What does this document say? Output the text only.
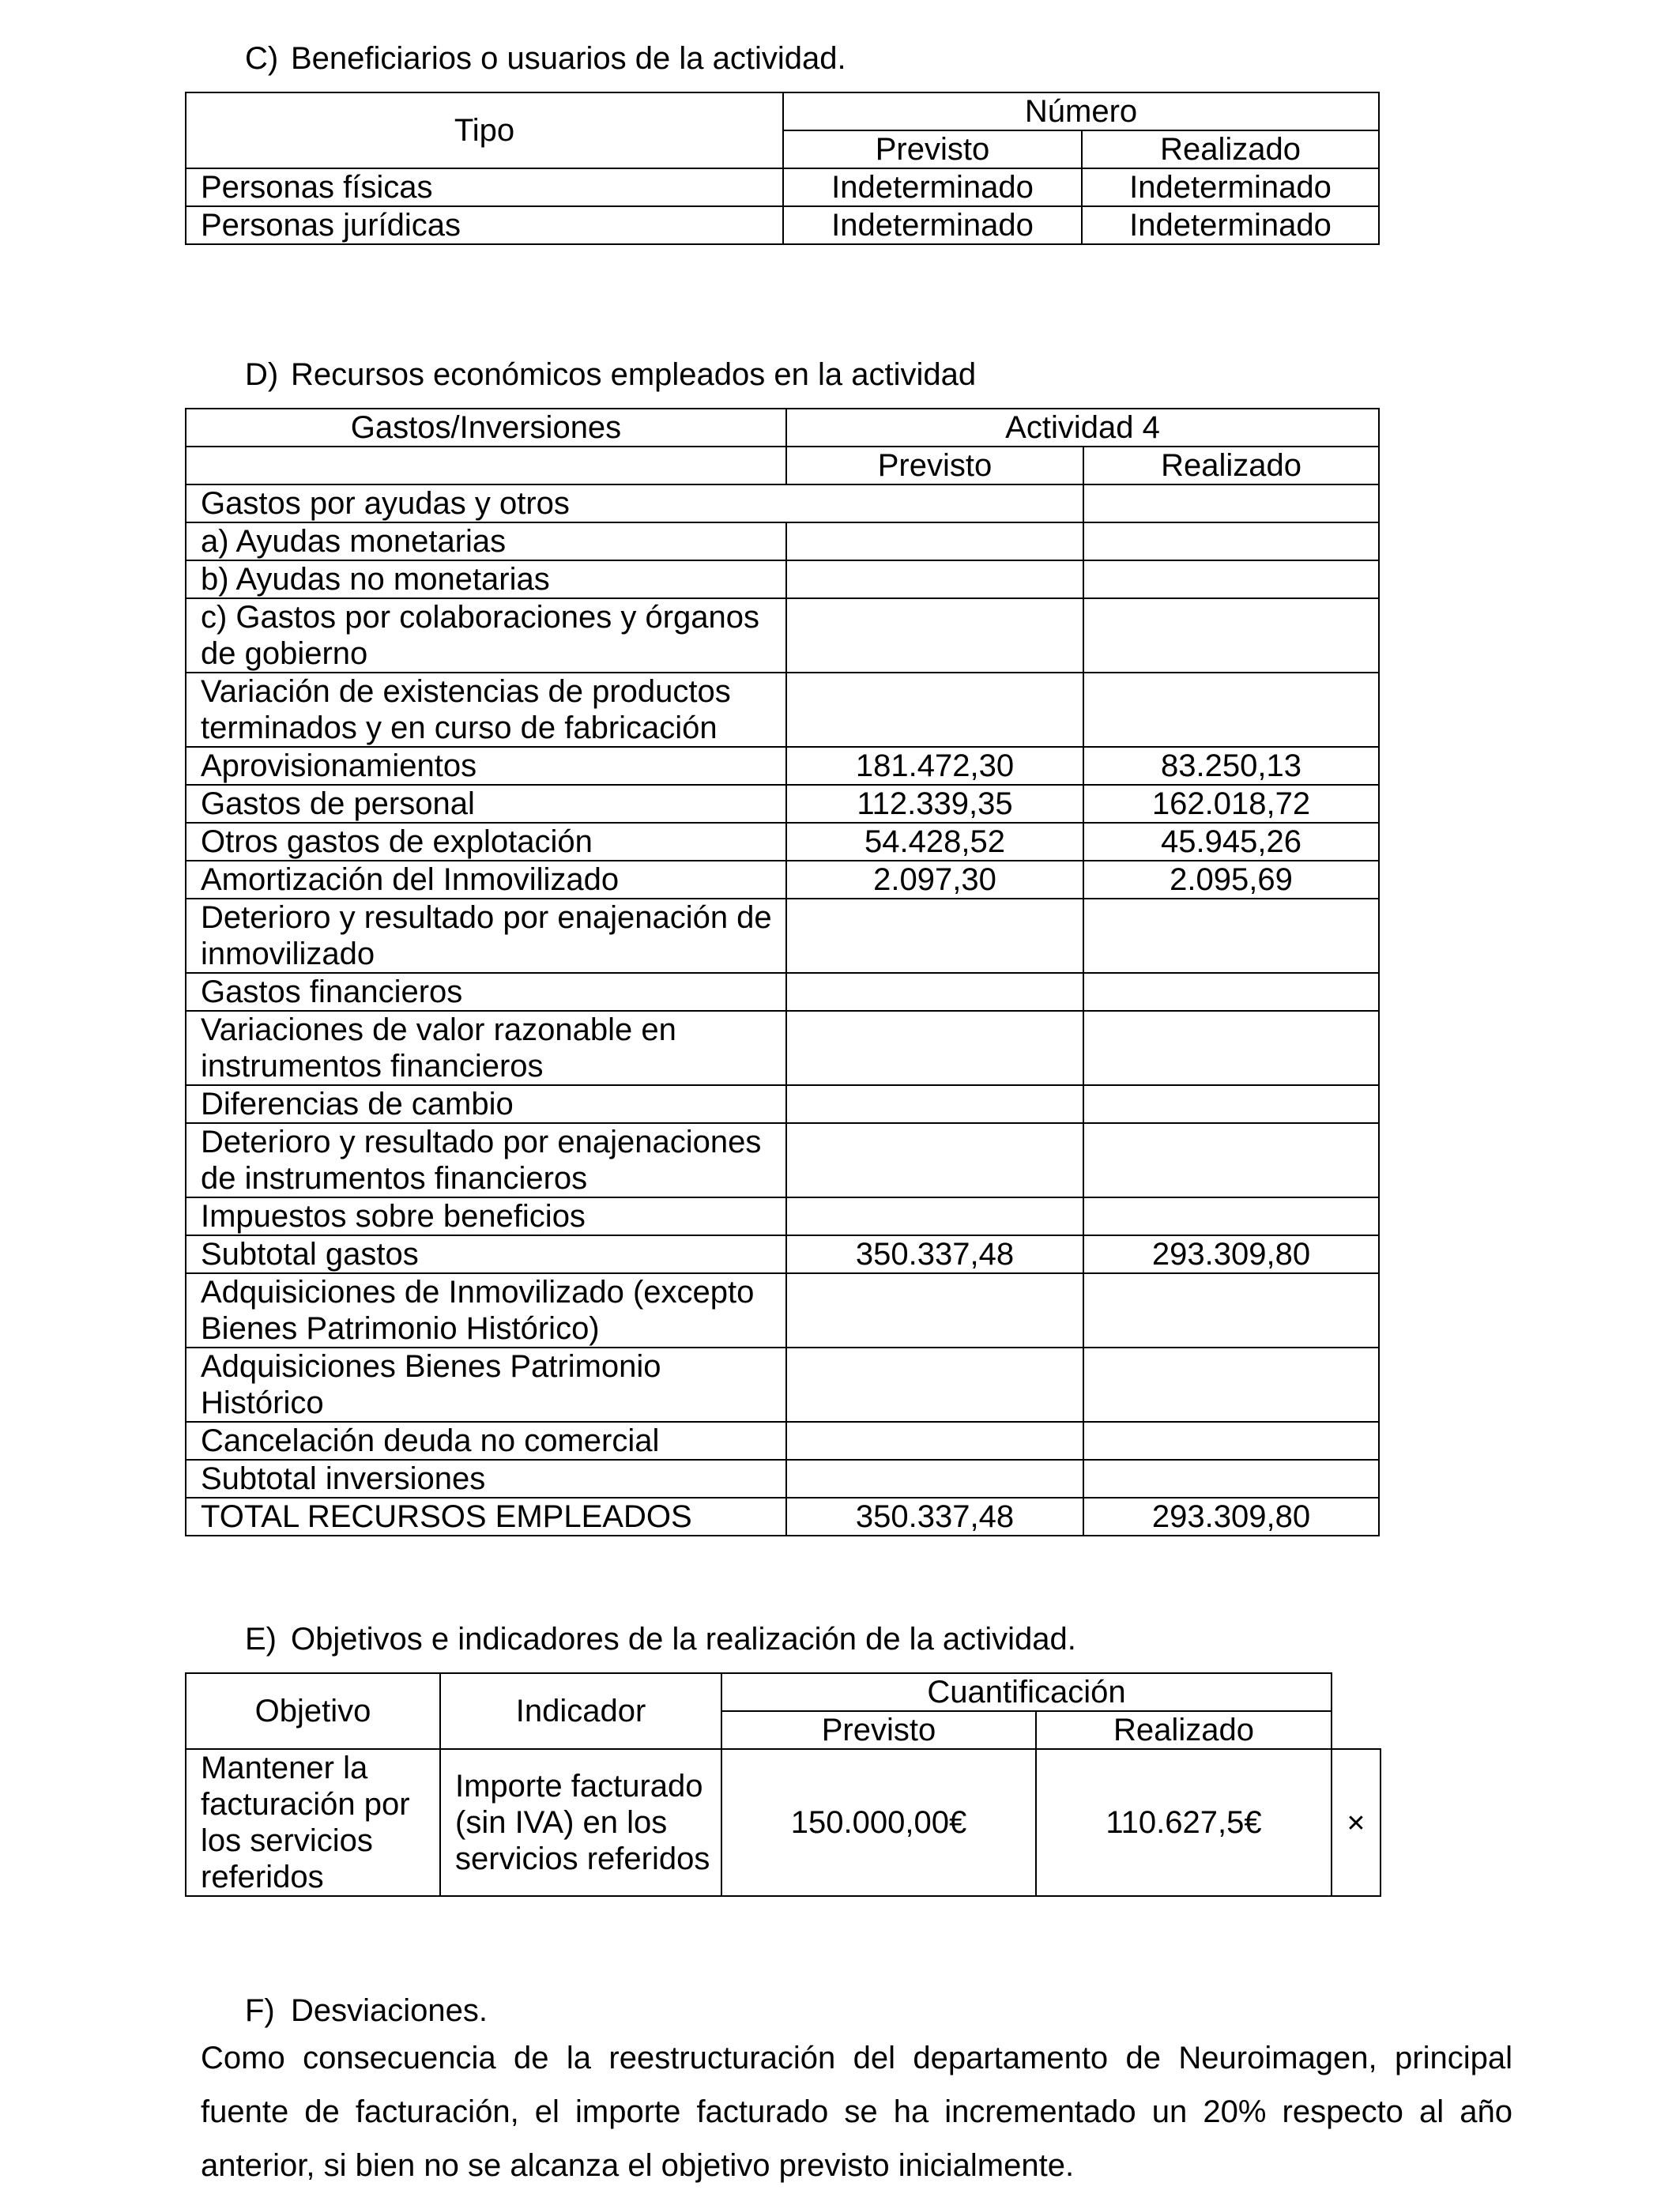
C) Beneficiarios o usuarios de la actividad.
Tipo	Número	
	Previsto	Realizado
Personas físicas	Indeterminado	Indeterminado
Personas jurídicas	Indeterminado	Indeterminado
D) Recursos económicos empleados en la actividad
Gastos/Inversiones	Actividad 4	
	Previsto	Realizado
Gastos por ayudas y otros		
a) Ayudas monetarias		
b) Ayudas no monetarias		
c) Gastos por colaboraciones y órganos de gobierno		
Variación de existencias de productos terminados y en curso de fabricación		
Aprovisionamientos	181.472,30	83.250,13
Gastos de personal	112.339,35	162.018,72
Otros gastos de explotación	54.428,52	45.945,26
Amortización del Inmovilizado	2.097,30	2.095,69
Deterioro y resultado por enajenación de inmovilizado		
Gastos financieros		
Variaciones de valor razonable en instrumentos financieros		
Diferencias de cambio		
Deterioro y resultado por enajenaciones de instrumentos financieros		
Impuestos sobre beneficios		
Subtotal gastos	350.337,48	293.309,80
Adquisiciones de Inmovilizado (excepto Bienes Patrimonio Histórico)		
Adquisiciones Bienes Patrimonio Histórico		
Cancelación deuda no comercial		
Subtotal inversiones		
TOTAL RECURSOS EMPLEADOS	350.337,48	293.309,80
E) Objetivos e indicadores de la realización de la actividad.
Objetivo	Indicador	Cuantificación		
		Previsto	Realizado	
Mantener la facturación por los servicios referidos	Importe facturado (sin IVA) en los servicios referidos	150.000,00€	110.627,5€	✕
F) Desviaciones.
Como consecuencia de la reestructuración del departamento de Neuroimagen, principal fuente de facturación, el importe facturado se ha incrementado un 20% respecto al año anterior, si bien no se alcanza el objetivo previsto inicialmente.
